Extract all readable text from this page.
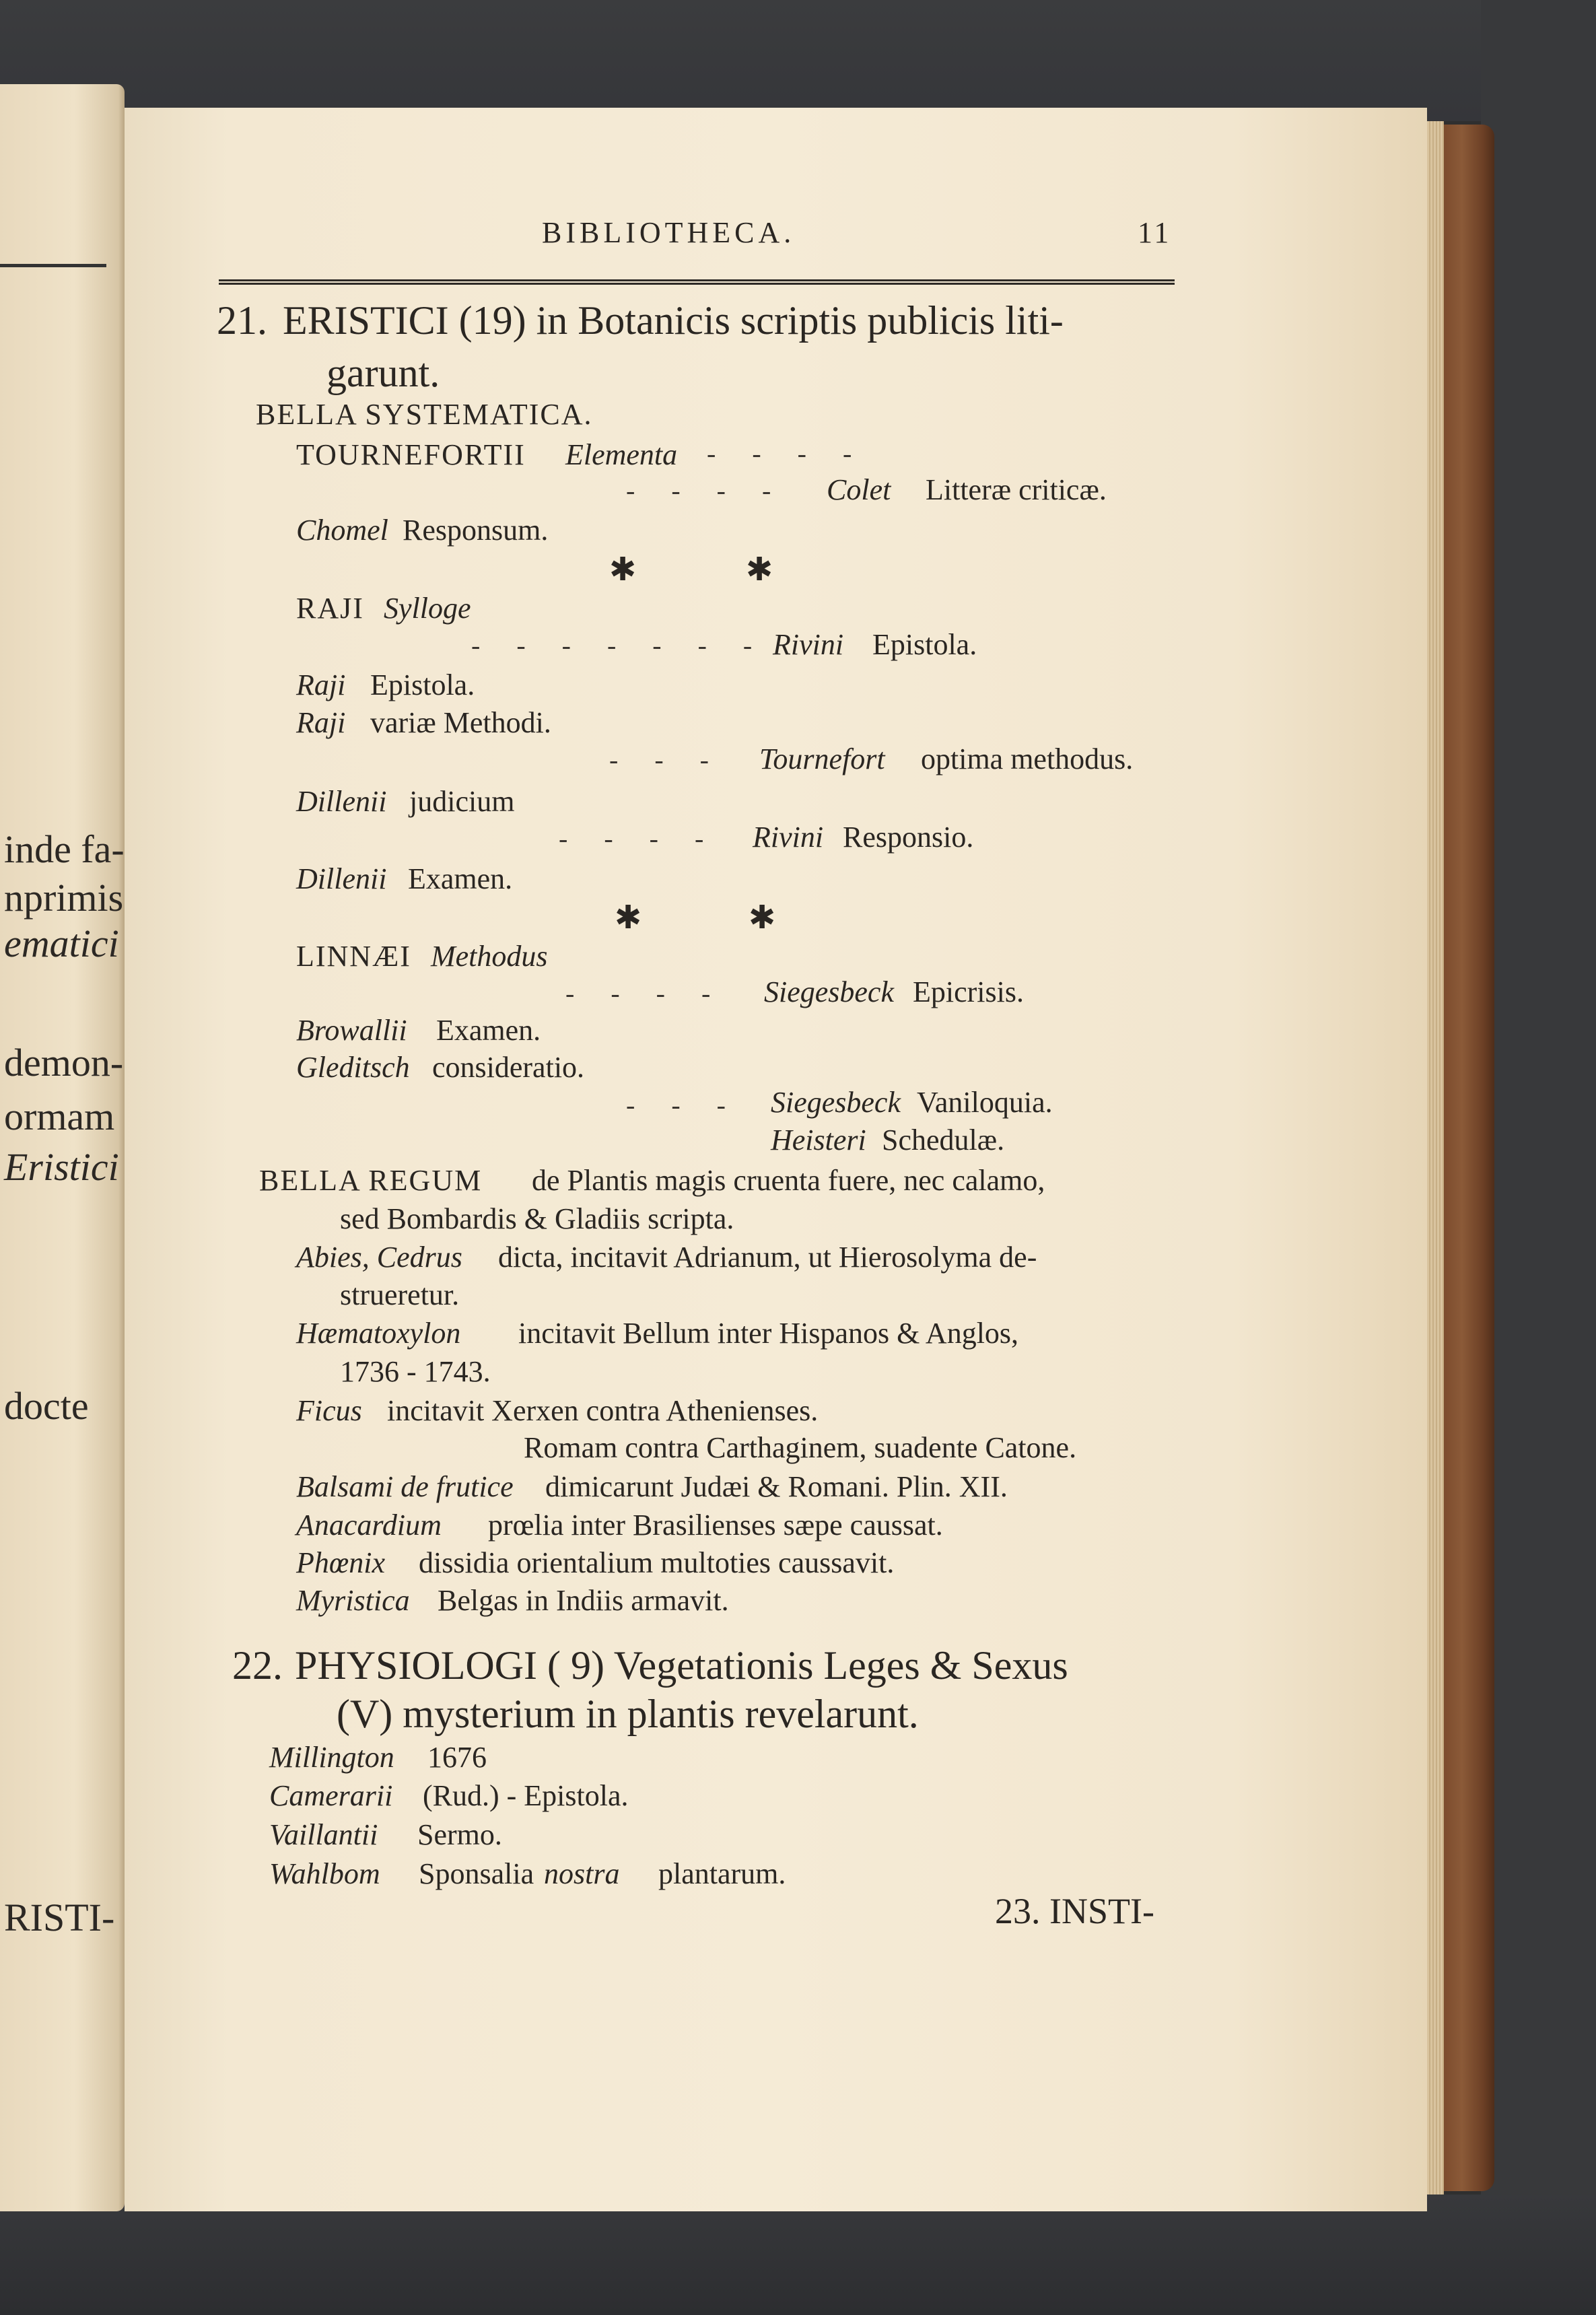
inde fa-
nprimis
ematici
demon-
ormam
Eristici
docte
RISTI-
BIBLIOTHECA.	11
21. ERISTICI (19) in Botanicis scriptis publicis liti-
garunt.
BELLA SYSTEMATICA.
TOURNEFORTII Elementa - - - -
- - - - Colet Litteræ criticæ.
Chomel Responsum.
✱	✱
RAJI Sylloge
- - - - - - - Rivini Epistola.
Raji Epistola.
Raji variæ Methodi.
- - - Tournefort optima methodus.
Dillenii judicium
- - - - Rivini Responsio.
Dillenii Examen.
✱	✱
LINNÆI Methodus
- - - - Siegesbeck Epicrisis.
Browallii Examen.
Gleditsch consideratio.
- - - Siegesbeck Vaniloquia.
Heisteri Schedulæ.
BELLA REGUM de Plantis magis cruenta fuere, nec calamo,
sed Bombardis & Gladiis scripta.
Abies, Cedrus dicta, incitavit Adrianum, ut Hierosolyma de-
strueretur.
Hæmatoxylon incitavit Bellum inter Hispanos & Anglos,
1736 - 1743.
Ficus incitavit Xerxen contra Athenienses.
Romam contra Carthaginem, suadente Catone.
Balsami de frutice dimicarunt Judæi & Romani. Plin. XII.
Anacardium prœlia inter Brasilienses sæpe caussat.
Phœnix dissidia orientalium multoties caussavit.
Myristica Belgas in Indiis armavit.
22. PHYSIOLOGI ( 9) Vegetationis Leges & Sexus
(V) mysterium in plantis revelarunt.
Millington 1676
Camerarii (Rud.) - Epistola.
Vaillantii Sermo.
Wahlbom Sponsalia nostra plantarum.
23. INSTI-
